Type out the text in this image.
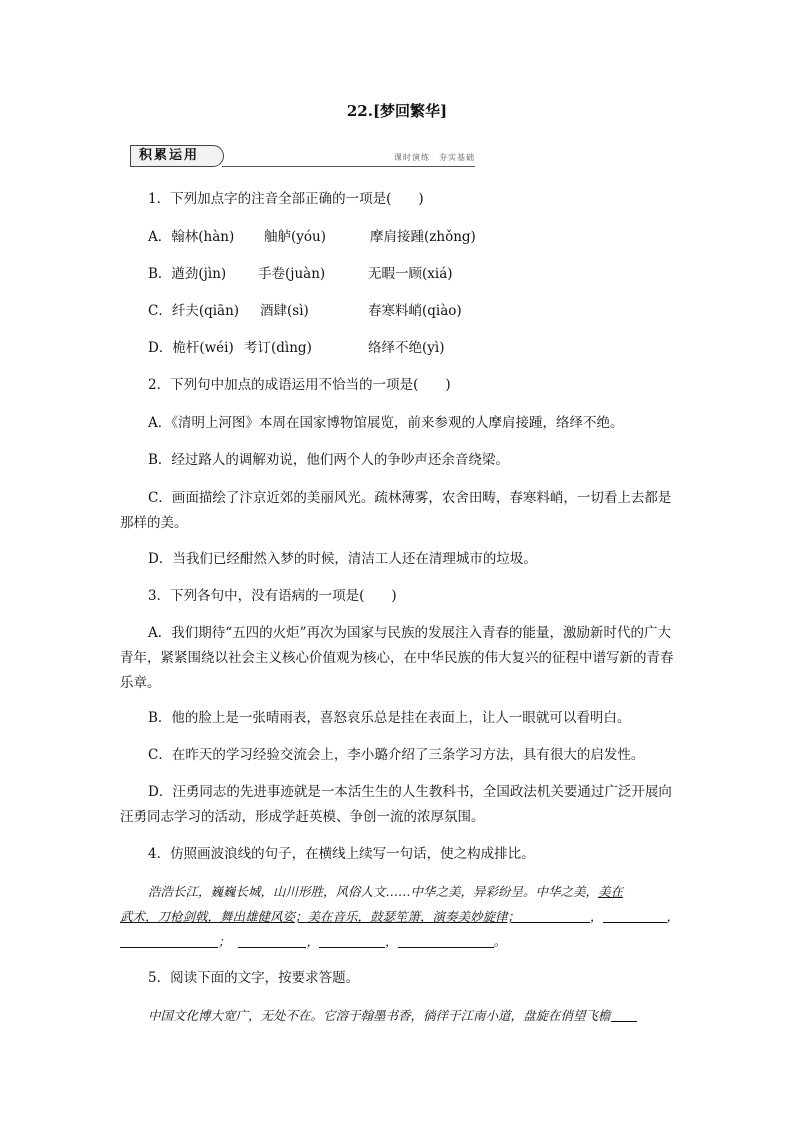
22.[梦回繁华]
积累运用	课时演练　夯实基础
1．下列加点字的注音全部正确的一项是(　　)
A．翰林(hàn) 舳舻(yóu)	摩肩接踵(zhǒng)
B．遒劲(jìn) 手卷(juàn)	无暇一顾(xiá)
C．纤夫(qiān) 酒肆(sì)	春寒料峭(qiào)
D．桅杆(wéi) 考订(dìng)	络绎不绝(yì)
2．下列句中加点的成语运用不恰当的一项是(　　)
A．《清明上河图》本周在国家博物馆展览，前来参观的人摩肩接踵，络绎不绝。
B．经过路人的调解劝说，他们两个人的争吵声还余音绕梁。
C．画面描绘了汴京近郊的美丽风光。疏林薄雾，农舍田畴，春寒料峭，一切看上去都是那样的美。
D．当我们已经酣然入梦的时候，清洁工人还在清理城市的垃圾。
3．下列各句中，没有语病的一项是(　　)
A．我们期待“五四的火炬”再次为国家与民族的发展注入青春的能量，激励新时代的广大青年，紧紧围绕以社会主义核心价值观为核心，在中华民族的伟大复兴的征程中谱写新的青春乐章。
B．他的脸上是一张晴雨表，喜怒哀乐总是挂在表面上，让人一眼就可以看明白。
C．在昨天的学习经验交流会上，李小璐介绍了三条学习方法，具有很大的启发性。
D．汪勇同志的先进事迹就是一本活生生的人生教科书，全国政法机关要通过广泛开展向汪勇同志学习的活动，形成学赶英模、争创一流的浓厚氛围。
4．仿照画波浪线的句子，在横线上续写一句话，使之构成排比。
浩浩长江，巍巍长城，山川形胜，风俗人文……中华之美，异彩纷呈。中华之美，美在
武术，刀枪剑戟，舞出雄健风姿；美在音乐，鼓瑟笙箫，演奏美妙旋律；	，	，
；	，	，	。
5．阅读下面的文字，按要求答题。
中国文化博大宽广，无处不在。它溶于翰墨书香，徜徉于江南小道，盘旋在俏望飞檐
